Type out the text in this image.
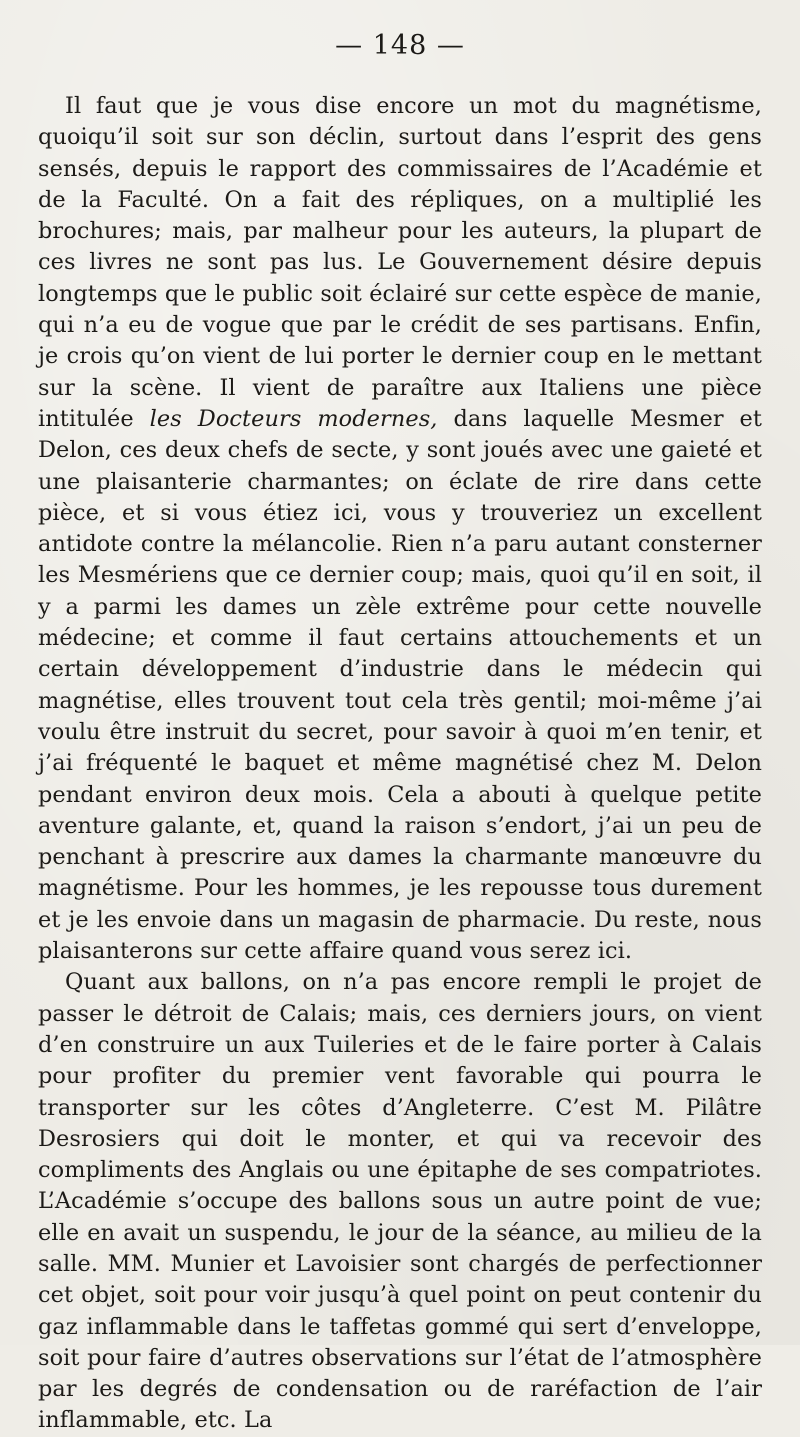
— 148 —

Il faut que je vous dise encore un mot du magnétisme, quoiqu’il soit sur son déclin, surtout dans l’esprit des gens sensés, depuis le rapport des commissaires de l’Académie et de la Faculté. On a fait des répliques, on a multiplié les brochures; mais, par malheur pour les auteurs, la plupart de ces livres ne sont pas lus. Le Gouvernement désire depuis longtemps que le public soit éclairé sur cette espèce de manie, qui n’a eu de vogue que par le crédit de ses partisans. Enfin, je crois qu’on vient de lui porter le dernier coup en le mettant sur la scène. Il vient de paraître aux Italiens une pièce intitulée les Docteurs modernes, dans laquelle Mesmer et Delon, ces deux chefs de secte, y sont joués avec une gaieté et une plaisanterie charmantes; on éclate de rire dans cette pièce, et si vous étiez ici, vous y trouveriez un excellent antidote contre la mélancolie. Rien n’a paru autant consterner les Mesmériens que ce dernier coup; mais, quoi qu’il en soit, il y a parmi les dames un zèle extrême pour cette nouvelle médecine; et comme il faut certains attouchements et un certain développement d’industrie dans le médecin qui magnétise, elles trouvent tout cela très gentil; moi-même j’ai voulu être instruit du secret, pour savoir à quoi m’en tenir, et j’ai fréquenté le baquet et même magnétisé chez M. Delon pendant environ deux mois. Cela a abouti à quelque petite aventure galante, et, quand la raison s’endort, j’ai un peu de penchant à prescrire aux dames la charmante manœuvre du magnétisme. Pour les hommes, je les repousse tous durement et je les envoie dans un magasin de pharmacie. Du reste, nous plaisanterons sur cette affaire quand vous serez ici.

Quant aux ballons, on n’a pas encore rempli le projet de passer le détroit de Calais; mais, ces derniers jours, on vient d’en construire un aux Tuileries et de le faire porter à Calais pour profiter du premier vent favorable qui pourra le transporter sur les côtes d’Angleterre. C’est M. Pilâtre Desrosiers qui doit le monter, et qui va recevoir des compliments des Anglais ou une épitaphe de ses compatriotes. L’Académie s’occupe des ballons sous un autre point de vue; elle en avait un suspendu, le jour de la séance, au milieu de la salle. MM. Munier et Lavoisier sont chargés de perfectionner cet objet, soit pour voir jusqu’à quel point on peut contenir du gaz inflammable dans le taffetas gommé qui sert d’enveloppe, soit pour faire d’autres observations sur l’état de l’atmosphère par les degrés de condensation ou de raréfaction de l’air inflammable, etc. La
